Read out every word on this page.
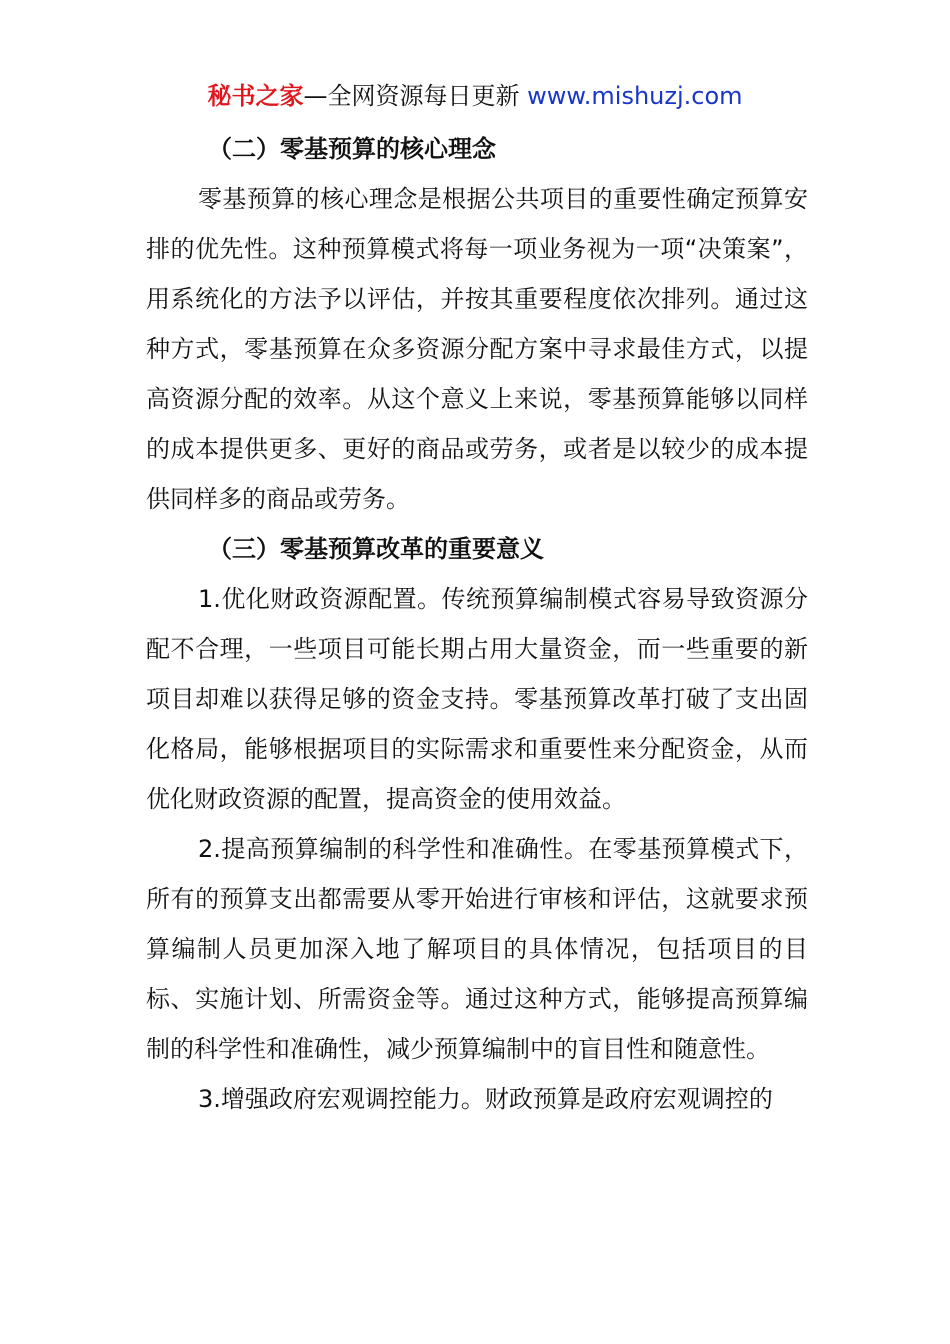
秘书之家—全网资源每日更新 www.mishuzj.com
（二）零基预算的核心理念

零基预算的核心理念是根据公共项目的重要性确定预算安排的优先性。这种预算模式将每一项业务视为一项“决策案”，用系统化的方法予以评估，并按其重要程度依次排列。通过这种方式，零基预算在众多资源分配方案中寻求最佳方式，以提高资源分配的效率。从这个意义上来说，零基预算能够以同样的成本提供更多、更好的商品或劳务，或者是以较少的成本提供同样多的商品或劳务。

（三）零基预算改革的重要意义

1.优化财政资源配置。传统预算编制模式容易导致资源分配不合理，一些项目可能长期占用大量资金，而一些重要的新项目却难以获得足够的资金支持。零基预算改革打破了支出固化格局，能够根据项目的实际需求和重要性来分配资金，从而优化财政资源的配置，提高资金的使用效益。

2.提高预算编制的科学性和准确性。在零基预算模式下，所有的预算支出都需要从零开始进行审核和评估，这就要求预算编制人员更加深入地了解项目的具体情况，包括项目的目标、实施计划、所需资金等。通过这种方式，能够提高预算编制的科学性和准确性，减少预算编制中的盲目性和随意性。

3.增强政府宏观调控能力。财政预算是政府宏观调控的
